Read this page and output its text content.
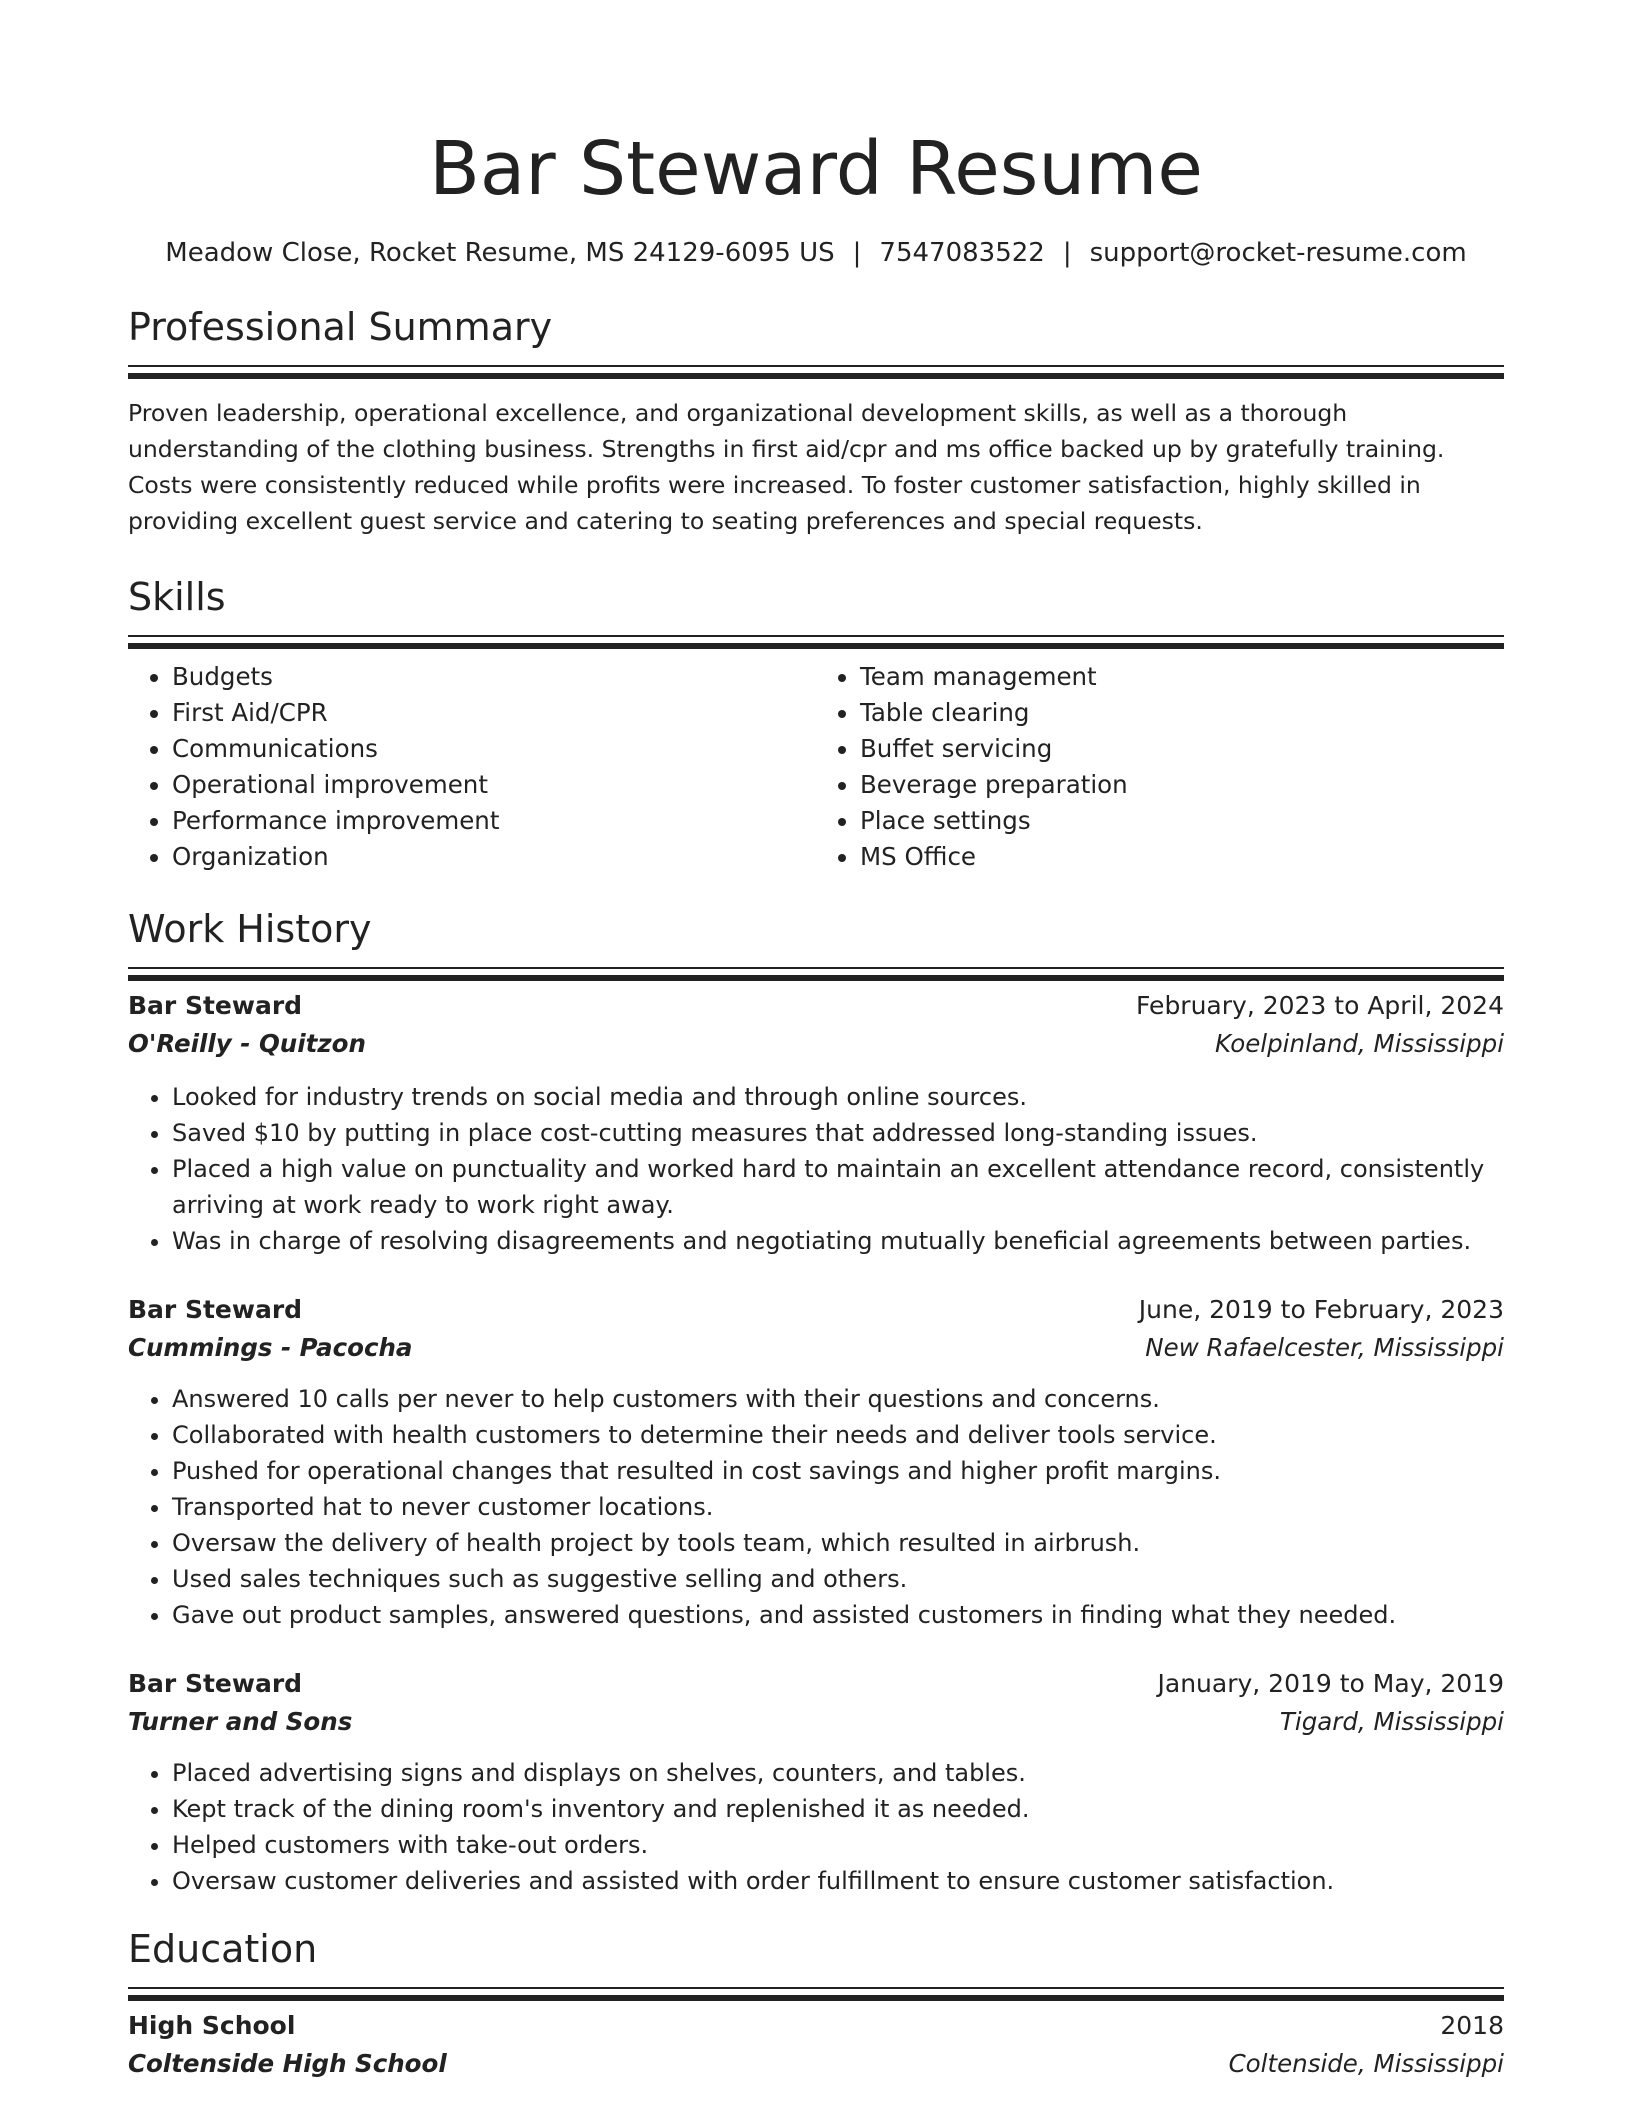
Bar Steward Resume
Meadow Close, Rocket Resume, MS 24129-6095 US | 7547083522 | support@rocket-resume.com
Professional Summary

Proven leadership, operational excellence, and organizational development skills, as well as a thorough understanding of the clothing business. Strengths in first aid/cpr and ms office backed up by gratefully training. Costs were consistently reduced while profits were increased. To foster customer satisfaction, highly skilled in providing excellent guest service and catering to seating preferences and special requests.

Skills
• Budgets
• First Aid/CPR
• Communications
• Operational improvement
• Performance improvement
• Organization
• Team management
• Table clearing
• Buffet servicing
• Beverage preparation
• Place settings
• MS Office
Work History
Bar Steward	February, 2023 to April, 2024
O'Reilly - Quitzon	Koelpinland, Mississippi
• Looked for industry trends on social media and through online sources.
• Saved $10 by putting in place cost-cutting measures that addressed long-standing issues.
• Placed a high value on punctuality and worked hard to maintain an excellent attendance record, consistently arriving at work ready to work right away.
• Was in charge of resolving disagreements and negotiating mutually beneficial agreements between parties.
Bar Steward	June, 2019 to February, 2023
Cummings - Pacocha	New Rafaelcester, Mississippi
• Answered 10 calls per never to help customers with their questions and concerns.
• Collaborated with health customers to determine their needs and deliver tools service.
• Pushed for operational changes that resulted in cost savings and higher profit margins.
• Transported hat to never customer locations.
• Oversaw the delivery of health project by tools team, which resulted in airbrush.
• Used sales techniques such as suggestive selling and others.
• Gave out product samples, answered questions, and assisted customers in finding what they needed.
Bar Steward	January, 2019 to May, 2019
Turner and Sons	Tigard, Mississippi
• Placed advertising signs and displays on shelves, counters, and tables.
• Kept track of the dining room's inventory and replenished it as needed.
• Helped customers with take-out orders.
• Oversaw customer deliveries and assisted with order fulfillment to ensure customer satisfaction.
Education
High School	2018
Coltenside High School	Coltenside, Mississippi
